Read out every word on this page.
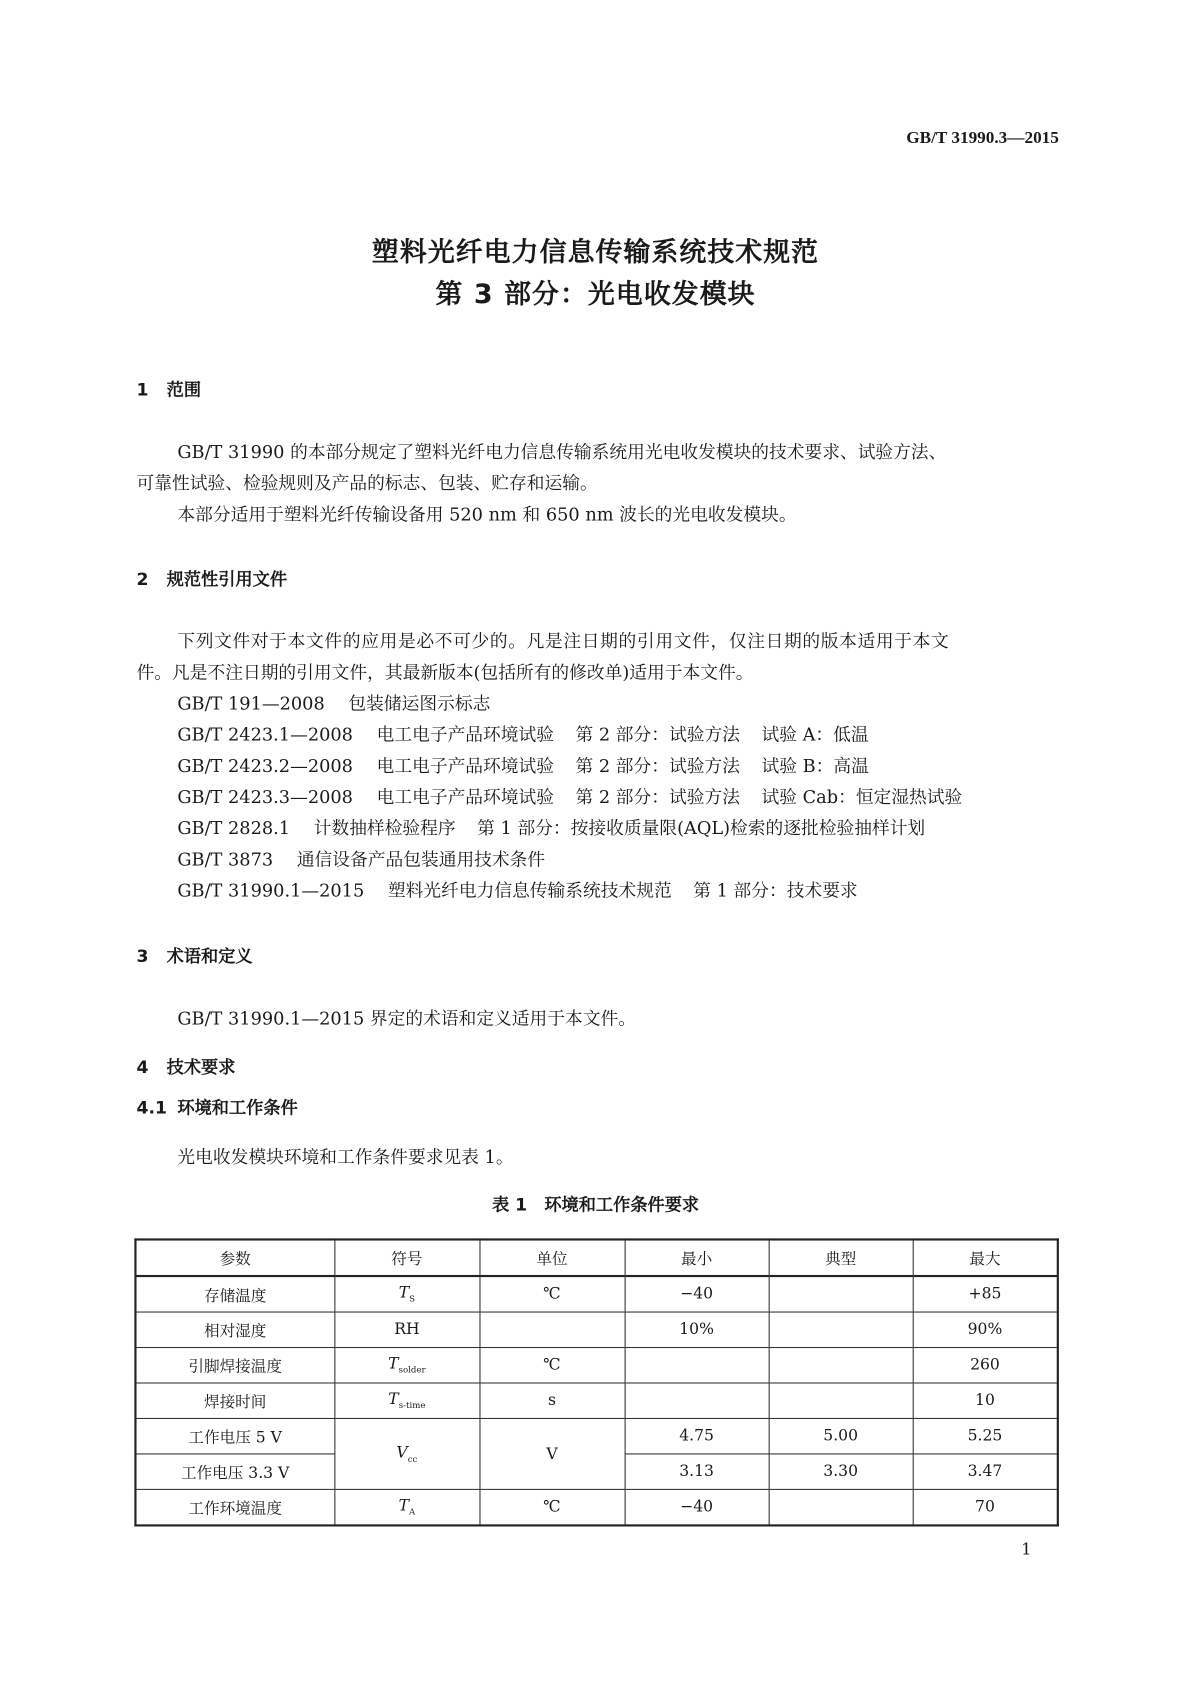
GB/T 31990.3—2015
塑料光纤电力信息传输系统技术规范
第 3 部分：光电收发模块
1 范围
GB/T 31990 的本部分规定了塑料光纤电力信息传输系统用光电收发模块的技术要求、试验方法、
可靠性试验、检验规则及产品的标志、包装、贮存和运输。
本部分适用于塑料光纤传输设备用 520 nm 和 650 nm 波长的光电收发模块。
2 规范性引用文件
下列文件对于本文件的应用是必不可少的。凡是注日期的引用文件，仅注日期的版本适用于本文
件。凡是不注日期的引用文件，其最新版本(包括所有的修改单)适用于本文件。
GB/T 191—2008 包装储运图示标志
GB/T 2423.1—2008 电工电子产品环境试验 第 2 部分：试验方法 试验 A：低温
GB/T 2423.2—2008 电工电子产品环境试验 第 2 部分：试验方法 试验 B：高温
GB/T 2423.3—2008 电工电子产品环境试验 第 2 部分：试验方法 试验 Cab：恒定湿热试验
GB/T 2828.1 计数抽样检验程序 第 1 部分：按接收质量限(AQL)检索的逐批检验抽样计划
GB/T 3873 通信设备产品包装通用技术条件
GB/T 31990.1—2015 塑料光纤电力信息传输系统技术规范 第 1 部分：技术要求
3 术语和定义
GB/T 31990.1—2015 界定的术语和定义适用于本文件。
4 技术要求
4.1 环境和工作条件
光电收发模块环境和工作条件要求见表 1。
表 1　环境和工作条件要求
参数	符号	单位	最小	典型	最大
存储温度	$T_S$	℃	−40		+85
相对湿度	RH		10%		90%
引脚焊接温度	$T_{solder}$	℃			260
焊接时间	$T_{s-time}$	s			10
工作电压 5 V	$V_{cc}$	V	4.75	5.00	5.25
工作电压 3.3 V			3.13	3.30	3.47
工作环境温度	$T_A$	℃	−40		70
1
